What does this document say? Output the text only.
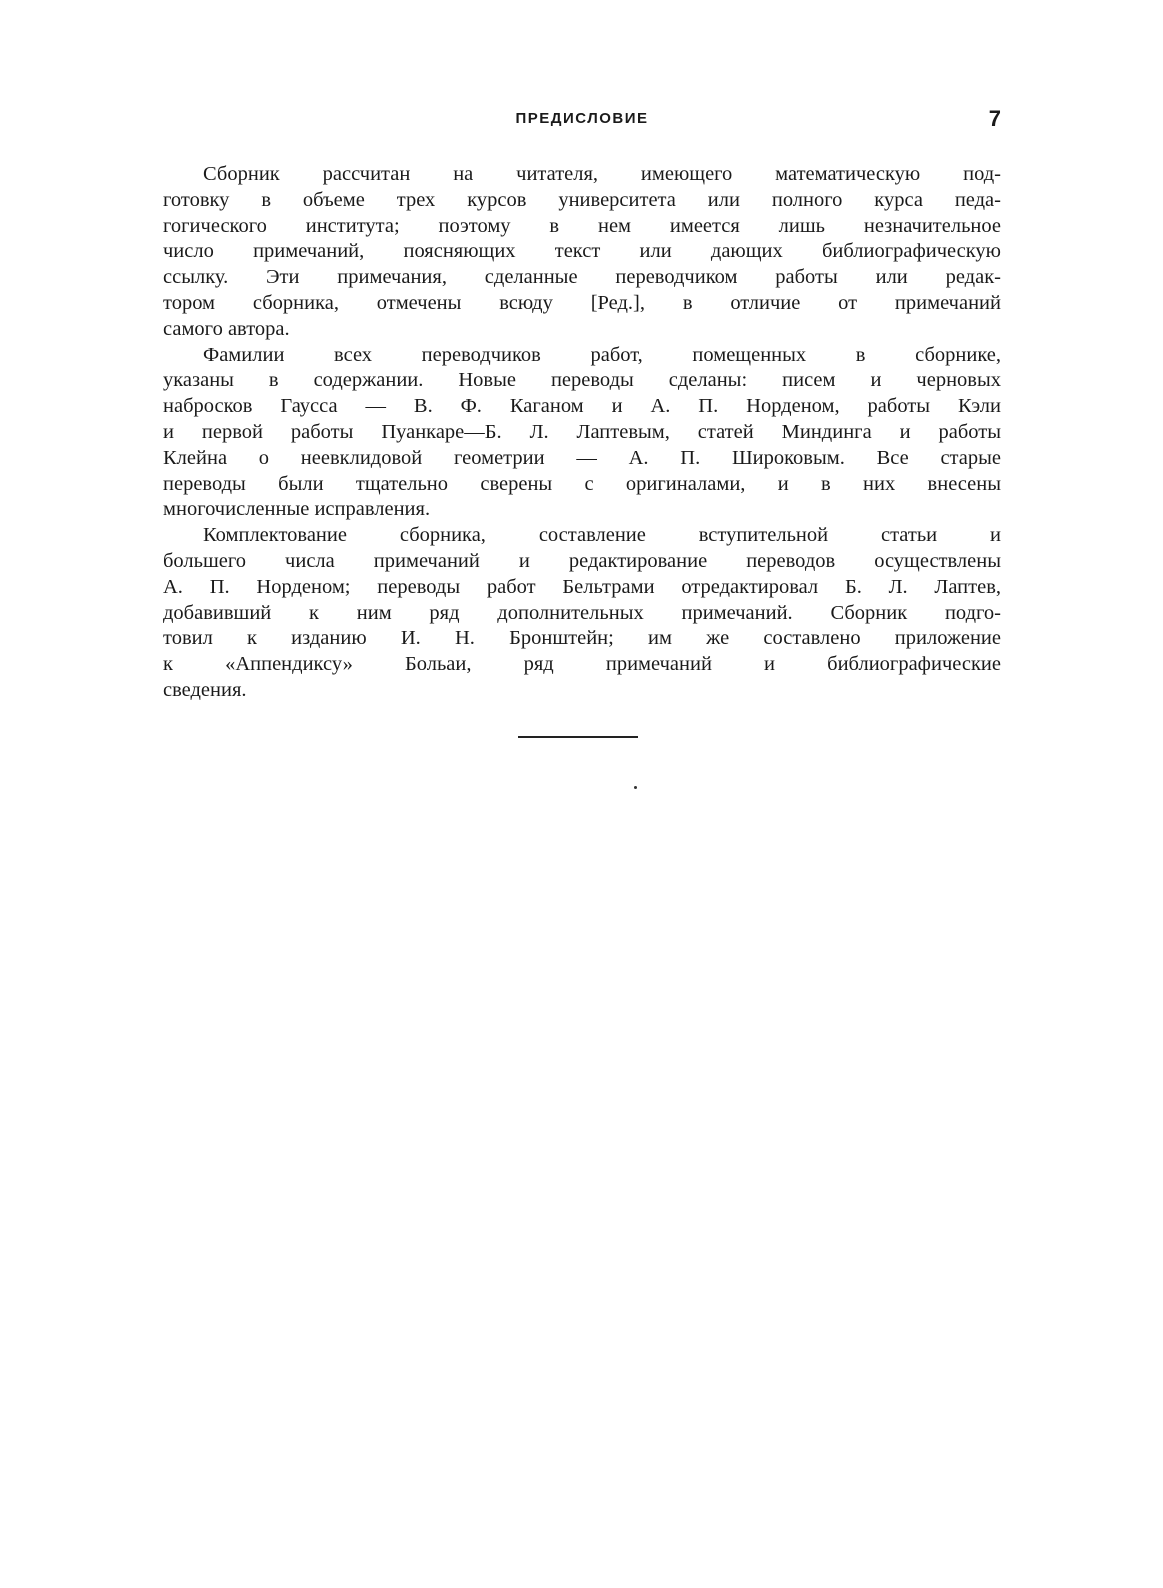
ПРЕДИСЛОВИЕ	7
Сборник рассчитан на читателя, имеющего математическую под-
готовку в объеме трех курсов университета или полного курса педа-
гогического института; поэтому в нем имеется лишь незначительное
число примечаний, поясняющих текст или дающих библиографическую
ссылку. Эти примечания, сделанные переводчиком работы или редак-
тором сборника, отмечены всюду [Ред.], в отличие от примечаний
самого автора.
Фамилии всех переводчиков работ, помещенных в сборнике,
указаны в содержании. Новые переводы сделаны: писем и черновых
набросков Гаусса — В. Ф. Каганом и А. П. Норденом, работы Кэли
и первой работы Пуанкаре—Б. Л. Лаптевым, статей Миндинга и работы
Клейна о неевклидовой геометрии — А. П. Широковым. Все старые
переводы были тщательно сверены с оригиналами, и в них внесены
многочисленные исправления.
Комплектование сборника, составление вступительной статьи и
большего числа примечаний и редактирование переводов осуществлены
А. П. Норденом; переводы работ Бельтрами отредактировал Б. Л. Лаптев,
добавивший к ним ряд дополнительных примечаний. Сборник подго-
товил к изданию И. Н. Бронштейн; им же составлено приложение
к «Аппендиксу» Больаи, ряд примечаний и библиографические
сведения.
